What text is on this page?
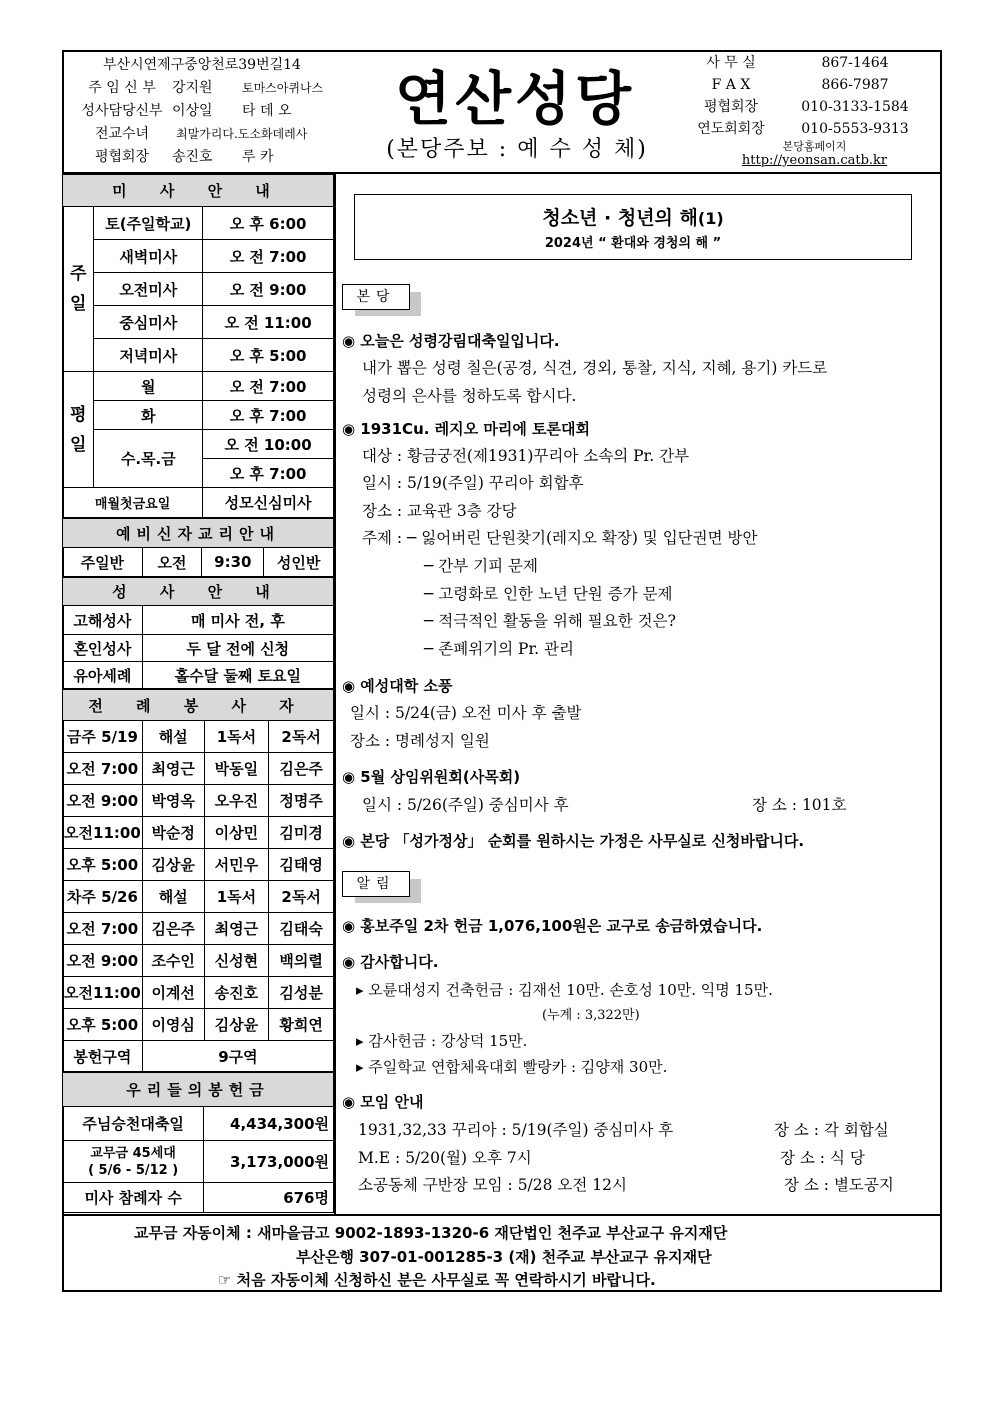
부산시연제구중앙천로39번길14
주 임 신 부	강지원	토마스아퀴나스
성사담당신부 이상일	타 데 오
전교수녀	최말가리다.도소화데레사
평협회장	송진호	루 카
연산성당
(본당주보 : 예 수 성 체)
사 무 실	867-1464
F A X	866-7987
평협회장	010-3133-1584
연도회회장	010-5553-9313
본당홈페이지
http://yeonsan.catb.kr
미 사 안 내		
주일	토(주일학교)	오 후 6:00
	새벽미사	오 전 7:00
	오전미사	오 전 9:00
	중심미사	오 전 11:00
	저녁미사	오 후 5:00
평일	월	오 전 7:00
	화	오 후 7:00
	수.목.금	오 전 10:00
		오 후 7:00
매월첫금요일		성모신심미사
예비신자교리안내
주일반	오전	9:30	성인반
성 사 안 내	
고해성사	매 미사 전, 후
혼인성사	두 달 전에 신청
유아세례	홀수달 둘째 토요일
전 례 봉 사 자			
금주 5/19	해설	1독서	2독서
오전 7:00	최영근	박동일	김은주
오전 9:00	박영옥	오우진	정명주
오전11:00	박순정	이상민	김미경
오후 5:00	김상윤	서민우	김태영
차주 5/26	해설	1독서	2독서
오전 7:00	김은주	최영근	김태숙
오전 9:00	조수인	신성현	백의렬
오전11:00	이계선	송진호	김성분
오후 5:00	이영심	김상윤	황희연
봉헌구역	9구역		
우리들의봉헌금	
주님승천대축일	4,434,300원

교무금 45세대
( 5/6 - 5/12 )	3,173,000원
미사 참례자 수	676명
청소년 · 청년의 해(1)
2024년 “ 환대와 경청의 해 ”
본당
◉ 오늘은 성령강림대축일입니다.
내가 뽑은 성령 칠은(공경, 식견, 경외, 통찰, 지식, 지혜, 용기) 카드로
성령의 은사를 청하도록 합시다.
◉ 1931Cu. 레지오 마리에 토론대회
대상 : 황금궁전(제1931)꾸리아 소속의 Pr. 간부
일시 : 5/19(주일) 꾸리아 회합후
장소 : 교육관 3층 강당
주제 : ─ 잃어버린 단원찾기(레지오 확장) 및 입단권면 방안
─ 간부 기피 문제
─ 고령화로 인한 노년 단원 증가 문제
─ 적극적인 활동을 위해 필요한 것은?
─ 존폐위기의 Pr. 관리
◉ 예성대학 소풍
일시 : 5/24(금) 오전 미사 후 출발
장소 : 명례성지 일원
◉ 5월 상임위원회(사목회)
일시 : 5/26(주일) 중심미사 후	장 소 : 101호
◉ 본당 「성가정상」 순회를 원하시는 가정은 사무실로 신청바랍니다.
알림
◉ 홍보주일 2차 헌금 1,076,100원은 교구로 송금하였습니다.
◉ 감사합니다.
▸ 오륜대성지 건축헌금 : 김재선 10만. 손호성 10만. 익명 15만.
(누계 : 3,322만)
▸ 감사헌금 : 강상덕 15만.
▸ 주일학교 연합체육대회 빨랑카 : 김양재 30만.
◉ 모임 안내
1931,32,33 꾸리아 : 5/19(주일) 중심미사 후	장 소 : 각 회합실
M.E : 5/20(월) 오후 7시	장 소 : 식 당
소공동체 구반장 모임 : 5/28 오전 12시	장 소 : 별도공지
교무금 자동이체 : 새마을금고 9002-1893-1320-6 재단법인 천주교 부산교구 유지재단
부산은행 307-01-001285-3 (재) 천주교 부산교구 유지재단
☞ 처음 자동이체 신청하신 분은 사무실로 꼭 연락하시기 바랍니다.
